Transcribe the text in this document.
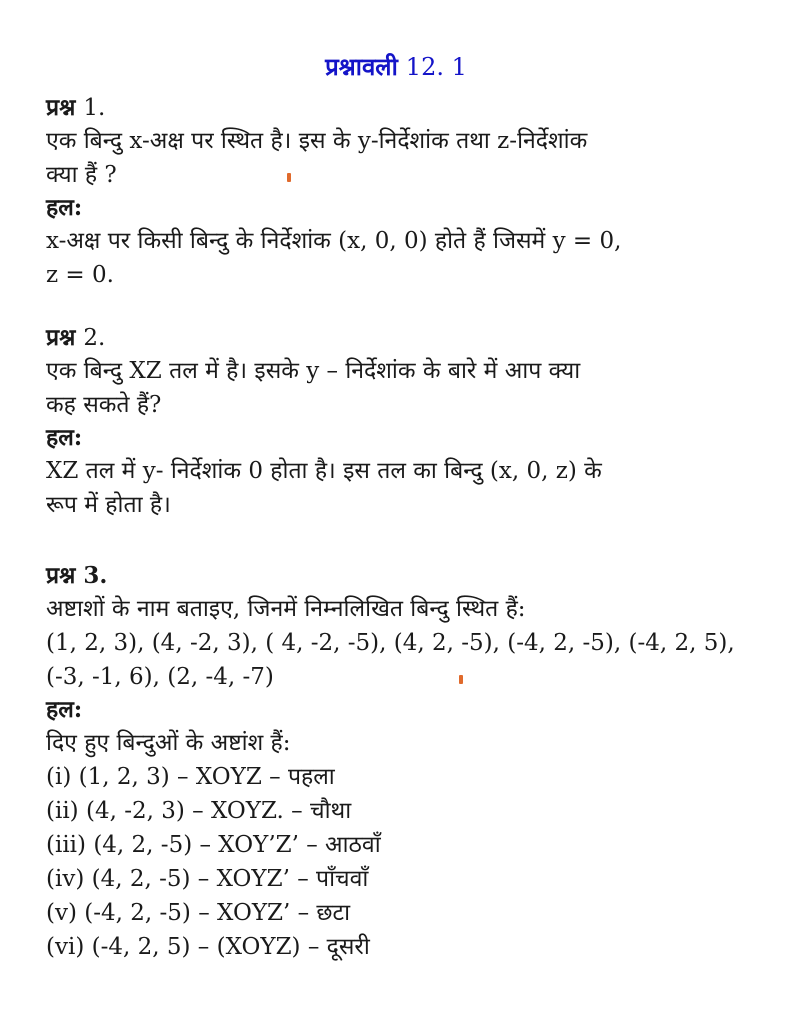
प्रश्नावली 12. 1
प्रश्न 1.

एक बिन्दु x-अक्ष पर स्थित है। इस के y-निर्देशांक तथा z-निर्देशांक

क्या हैं ?

हल:

x-अक्ष पर किसी बिन्दु के निर्देशांक (x, 0, 0) होते हैं जिसमें y = 0,

z = 0.

प्रश्न 2.

एक बिन्दु XZ तल में है। इसके y – निर्देशांक के बारे में आप क्या

कह सकते हैं?

हल:

XZ तल में y- निर्देशांक 0 होता है। इस तल का बिन्दु (x, 0, z) के

रूप में होता है।

प्रश्न 3.

अष्टाशों के नाम बताइए, जिनमें निम्नलिखित बिन्दु स्थित हैं:

(1, 2, 3), (4, -2, 3), ( 4, -2, -5), (4, 2, -5), (-4, 2, -5), (-4, 2, 5),

(-3, -1, 6), (2, -4, -7)

हल:

दिए हुए बिन्दुओं के अष्टांश हैं:

(i) (1, 2, 3) – XOYZ – पहला

(ii) (4, -2, 3) – XOYZ. – चौथा

(iii) (4, 2, -5) – XOY’Z’ – आठवाँ

(iv) (4, 2, -5) – XOYZ’ – पाँचवाँ

(v) (-4, 2, -5) – XOYZ’ – छटा

(vi) (-4, 2, 5) – (XOYZ) – दूसरी
